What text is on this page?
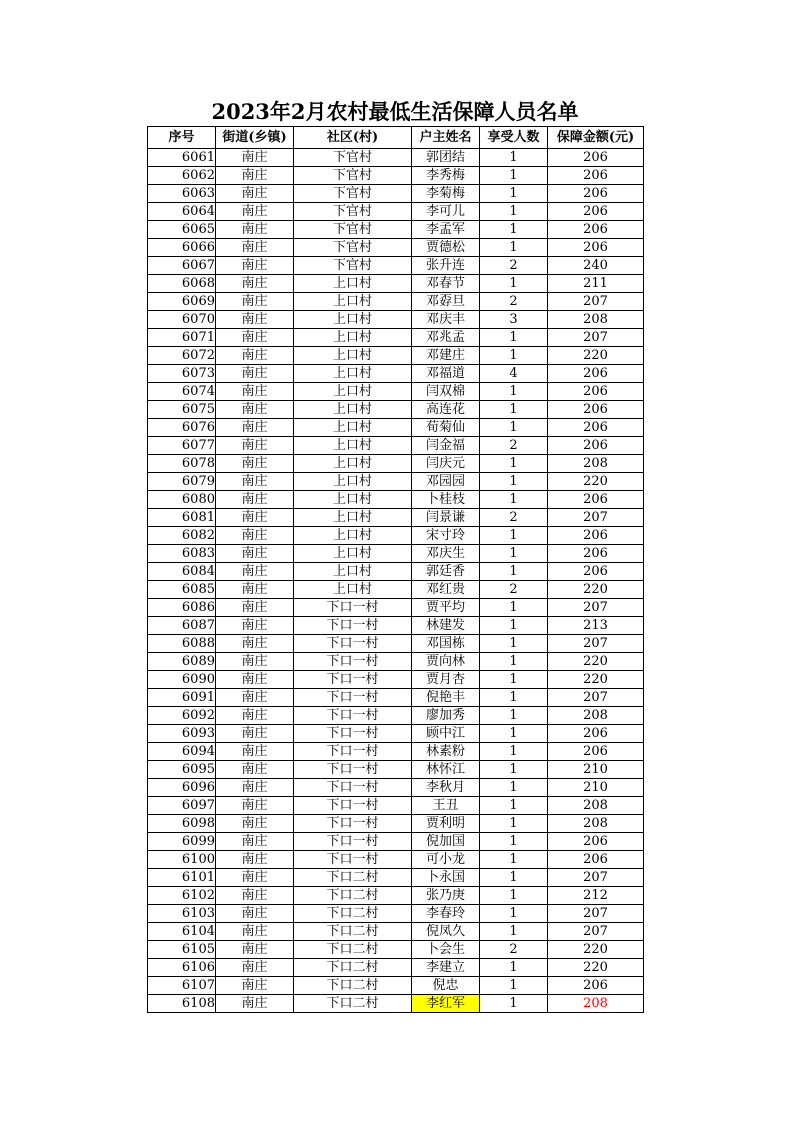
2023年2月农村最低生活保障人员名单
序号	街道(乡镇)	社区(村)	户主姓名	享受人数	保障金额(元)
6061	南庄	下官村	郭团结	1	206
6062	南庄	下官村	李秀梅	1	206
6063	南庄	下官村	李菊梅	1	206
6064	南庄	下官村	李可儿	1	206
6065	南庄	下官村	李孟军	1	206
6066	南庄	下官村	贾德松	1	206
6067	南庄	下官村	张升连	2	240
6068	南庄	上口村	邓春节	1	211
6069	南庄	上口村	邓孬旦	2	207
6070	南庄	上口村	邓庆丰	3	208
6071	南庄	上口村	邓兆孟	1	207
6072	南庄	上口村	邓建庄	1	220
6073	南庄	上口村	邓福道	4	206
6074	南庄	上口村	闫双棉	1	206
6075	南庄	上口村	高连花	1	206
6076	南庄	上口村	荀菊仙	1	206
6077	南庄	上口村	闫金福	2	206
6078	南庄	上口村	闫庆元	1	208
6079	南庄	上口村	邓园园	1	220
6080	南庄	上口村	卜桂枝	1	206
6081	南庄	上口村	闫景谦	2	207
6082	南庄	上口村	宋寸玲	1	206
6083	南庄	上口村	邓庆生	1	206
6084	南庄	上口村	郭廷香	1	206
6085	南庄	上口村	邓红贵	2	220
6086	南庄	下口一村	贾平均	1	207
6087	南庄	下口一村	林建发	1	213
6088	南庄	下口一村	邓国栋	1	207
6089	南庄	下口一村	贾向林	1	220
6090	南庄	下口一村	贾月杏	1	220
6091	南庄	下口一村	倪艳丰	1	207
6092	南庄	下口一村	廖加秀	1	208
6093	南庄	下口一村	顾中江	1	206
6094	南庄	下口一村	林素粉	1	206
6095	南庄	下口一村	林怀江	1	210
6096	南庄	下口一村	李秋月	1	210
6097	南庄	下口一村	王丑	1	208
6098	南庄	下口一村	贾利明	1	208
6099	南庄	下口一村	倪加国	1	206
6100	南庄	下口一村	可小龙	1	206
6101	南庄	下口二村	卜永国	1	207
6102	南庄	下口二村	张乃庚	1	212
6103	南庄	下口二村	李春玲	1	207
6104	南庄	下口二村	倪凤久	1	207
6105	南庄	下口二村	卜会生	2	220
6106	南庄	下口二村	李建立	1	220
6107	南庄	下口二村	倪忠	1	206
6108	南庄	下口二村	李红军	1	208
